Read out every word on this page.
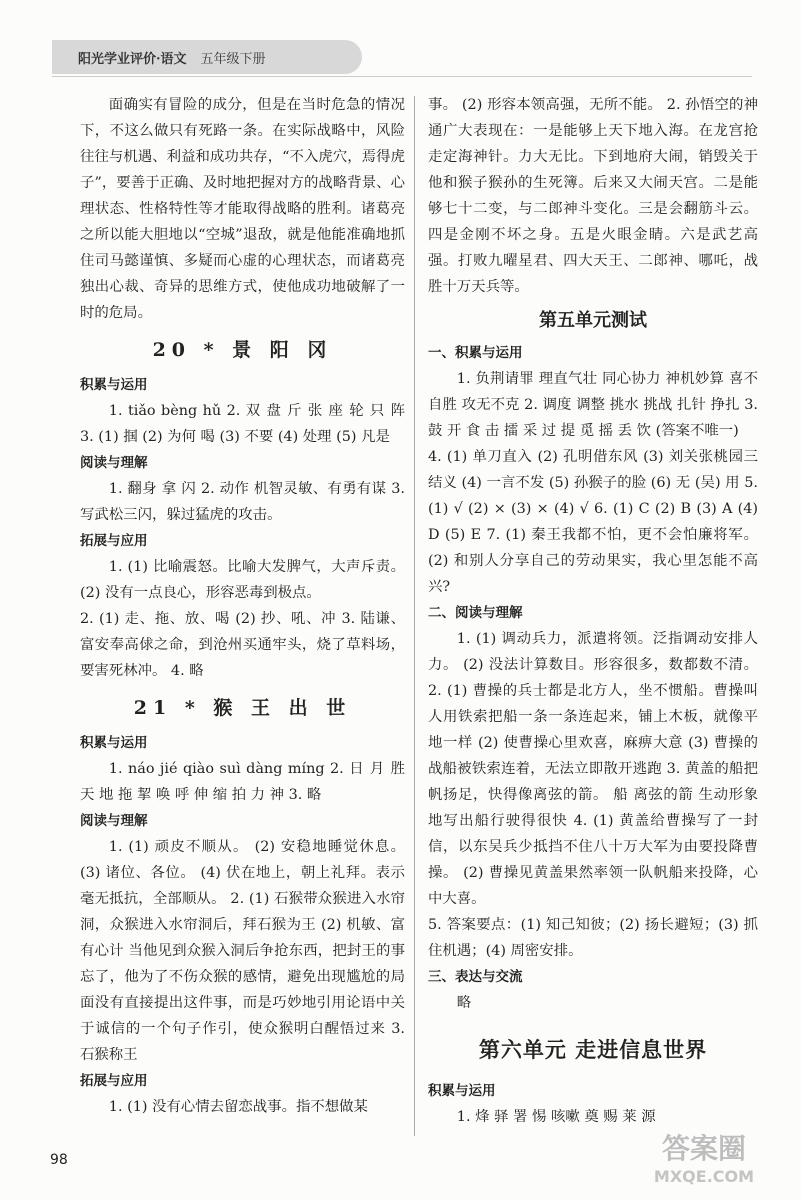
阳光学业评价·语文 五年级下册

面确实有冒险的成分，但是在当时危急的情况下，不这么做只有死路一条。在实际战略中，风险往往与机遇、利益和成功共存，“不入虎穴，焉得虎子”，要善于正确、及时地把握对方的战略背景、心理状态、性格特性等才能取得战略的胜利。诸葛亮之所以能大胆地以“空城”退敌，就是他能准确地抓住司马懿谨慎、多疑而心虚的心理状态，而诸葛亮独出心裁、奇异的思维方式，使他成功地破解了一时的危局。

20 * 景 阳 冈
积累与运用

1. tiǎo bèng hǔ 2. 双 盘 斤 张 座 轮 只 阵 3. (1) 掴 (2) 为何 喝 (3) 不要 (4) 处理 (5) 凡是

阅读与理解

1. 翻身 拿 闪 2. 动作 机智灵敏、有勇有谋 3. 写武松三闪，躲过猛虎的攻击。

拓展与应用

1. (1) 比喻震怒。比喻大发脾气，大声斥责。 (2) 没有一点良心，形容恶毒到极点。

2. (1) 走、拖、放、喝 (2) 抄、吼、冲 3. 陆谦、富安奉高俅之命，到沧州买通牢头，烧了草料场，要害死林冲。 4. 略

21 * 猴 王 出 世
积累与运用

1. náo jié qiào suì dàng míng 2. 日 月 胜 天 地 拖 挈 唤 呼 伸 缩 拍 力 神 3. 略

阅读与理解

1. (1) 顽皮不顺从。 (2) 安稳地睡觉休息。 (3) 诸位、各位。 (4) 伏在地上，朝上礼拜。表示毫无抵抗，全部顺从。 2. (1) 石猴带众猴进入水帘洞，众猴进入水帘洞后，拜石猴为王 (2) 机敏、富有心计 当他见到众猴入洞后争抢东西，把封王的事忘了，他为了不伤众猴的感情，避免出现尴尬的局面没有直接提出这件事，而是巧妙地引用论语中关于诚信的一个句子作引，使众猴明白醒悟过来 3. 石猴称王

拓展与应用

1. (1) 没有心情去留恋战事。指不想做某

事。 (2) 形容本领高强，无所不能。 2. 孙悟空的神通广大表现在：一是能够上天下地入海。在龙宫抢走定海神针。力大无比。下到地府大闹，销毁关于他和猴子猴孙的生死簿。后来又大闹天宫。二是能够七十二变，与二郎神斗变化。三是会翻筋斗云。四是金刚不坏之身。五是火眼金睛。六是武艺高强。打败九曜星君、四大天王、二郎神、哪吒，战胜十万天兵等。

第五单元测试
一、积累与运用

1. 负荆请罪 理直气壮 同心协力 神机妙算 喜不自胜 攻无不克 2. 调度 调整 挑水 挑战 扎针 挣扎 3. 鼓 开 食 击 擂 采 过 提 觅 摇 丢 饮 (答案不唯一)

4. (1) 单刀直入 (2) 孔明借东风 (3) 刘关张桃园三结义 (4) 一言不发 (5) 孙猴子的脸 (6) 无 (吴) 用 5. (1) √ (2) × (3) × (4) √ 6. (1) C (2) B (3) A (4) D (5) E 7. (1) 秦王我都不怕，更不会怕廉将军。 (2) 和别人分享自己的劳动果实，我心里怎能不高兴?

二、阅读与理解

1. (1) 调动兵力，派遣将领。泛指调动安排人力。 (2) 没法计算数目。形容很多，数都数不清。 2. (1) 曹操的兵士都是北方人，坐不惯船。曹操叫人用铁索把船一条一条连起来，铺上木板，就像平地一样 (2) 使曹操心里欢喜，麻痹大意 (3) 曹操的战船被铁索连着，无法立即散开逃跑 3. 黄盖的船把帆扬足，快得像离弦的箭。 船 离弦的箭 生动形象地写出船行驶得很快 4. (1) 黄盖给曹操写了一封信，以东吴兵少抵挡不住八十万大军为由要投降曹操。 (2) 曹操见黄盖果然率领一队帆船来投降，心中大喜。

5. 答案要点：(1) 知己知彼；(2) 扬长避短；(3) 抓住机遇；(4) 周密安排。

三、表达与交流

略

第六单元 走进信息世界
积累与运用

1. 烽 驿 署 惕 咳嗽 奠 赐 莱 源

98	答案圈
MXQE.COM
